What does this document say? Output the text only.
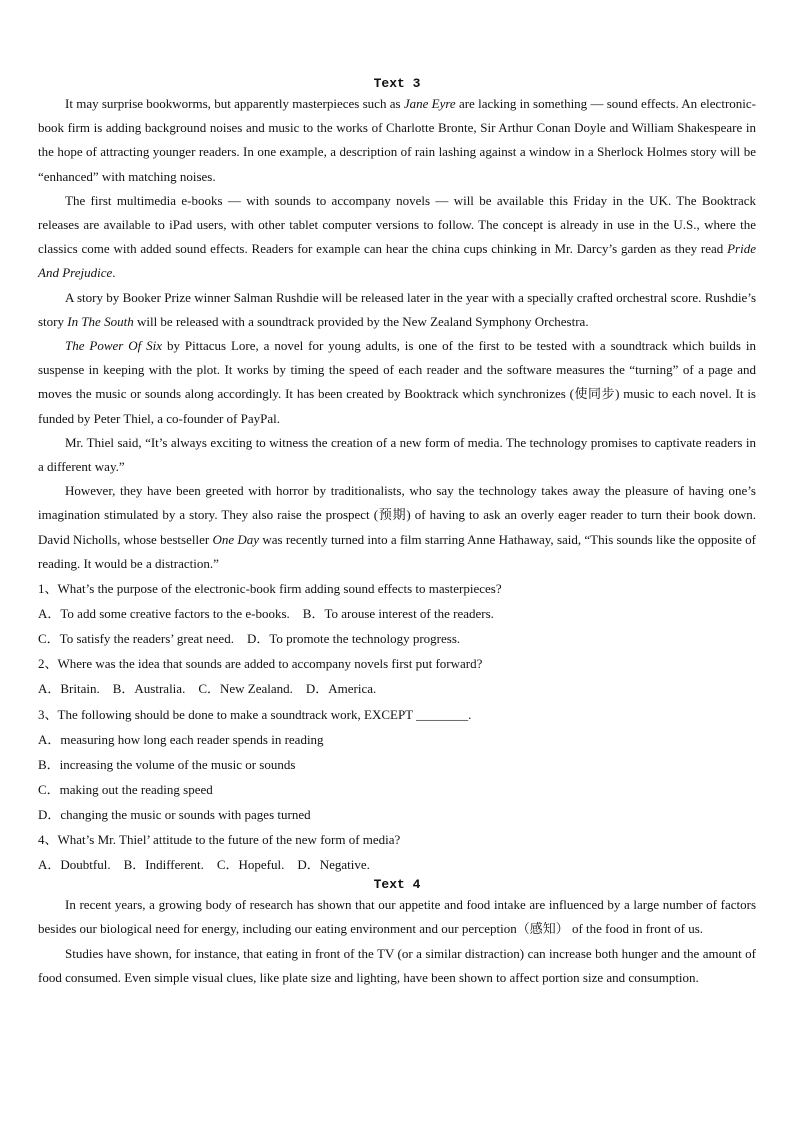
Text 3

It may surprise bookworms, but apparently masterpieces such as Jane Eyre are lacking in something — sound effects. An electronic-book firm is adding background noises and music to the works of Charlotte Bronte, Sir Arthur Conan Doyle and William Shakespeare in the hope of attracting younger readers. In one example, a description of rain lashing against a window in a Sherlock Holmes story will be “enhanced” with matching noises.

The first multimedia e-books — with sounds to accompany novels — will be available this Friday in the UK. The Booktrack releases are available to iPad users, with other tablet computer versions to follow. The concept is already in use in the U.S., where the classics come with added sound effects. Readers for example can hear the china cups chinking in Mr. Darcy’s garden as they read Pride And Prejudice.

A story by Booker Prize winner Salman Rushdie will be released later in the year with a specially crafted orchestral score. Rushdie’s story In The South will be released with a soundtrack provided by the New Zealand Symphony Orchestra.

The Power Of Six by Pittacus Lore, a novel for young adults, is one of the first to be tested with a soundtrack which builds in suspense in keeping with the plot. It works by timing the speed of each reader and the software measures the “turning” of a page and moves the music or sounds along accordingly. It has been created by Booktrack which synchronizes (使同步) music to each novel. It is funded by Peter Thiel, a co-founder of PayPal.

Mr. Thiel said, “It’s always exciting to witness the creation of a new form of media. The technology promises to captivate readers in a different way.”

However, they have been greeted with horror by traditionalists, who say the technology takes away the pleasure of having one’s imagination stimulated by a story. They also raise the prospect (预期) of having to ask an overly eager reader to turn their book down. David Nicholls, whose bestseller One Day was recently turned into a film starring Anne Hathaway, said, “This sounds like the opposite of reading. It would be a distraction.”

1、What’s the purpose of the electronic-book firm adding sound effects to masterpieces?

A．To add some creative factors to the e-books.    B．To arouse interest of the readers.

C．To satisfy the readers’ great need.    D．To promote the technology progress.

2、Where was the idea that sounds are added to accompany novels first put forward?

A．Britain.    B．Australia.    C．New Zealand.    D．America.

3、The following should be done to make a soundtrack work, EXCEPT ________.

A．measuring how long each reader spends in reading

B．increasing the volume of the music or sounds

C．making out the reading speed

D．changing the music or sounds with pages turned

4、What’s Mr. Thiel’ attitude to the future of the new form of media?

A．Doubtful.    B．Indifferent.    C．Hopeful.    D．Negative.

Text 4

In recent years, a growing body of research has shown that our appetite and food intake are influenced by a large number of factors besides our biological need for energy, including our eating environment and our perception（感知） of the food in front of us.

Studies have shown, for instance, that eating in front of the TV (or a similar distraction) can increase both hunger and the amount of food consumed. Even simple visual clues, like plate size and lighting, have been shown to affect portion size and consumption.
